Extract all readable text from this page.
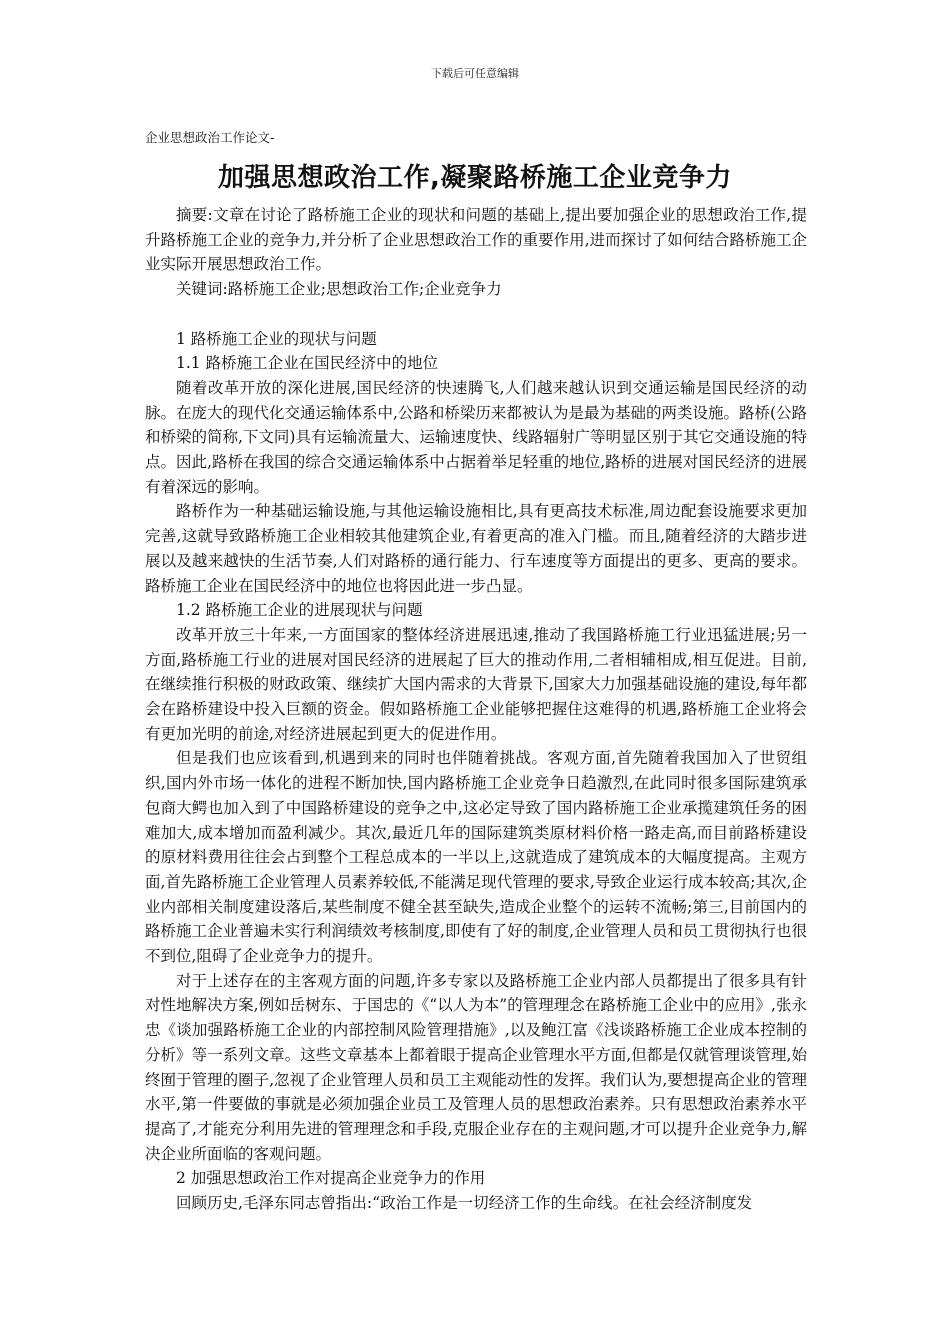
下载后可任意编辑
企业思想政治工作论文-
加强思想政治工作,凝聚路桥施工企业竞争力

摘要:文章在讨论了路桥施工企业的现状和问题的基础上,提出要加强企业的思想政治工作,提升路桥施工企业的竞争力,并分析了企业思想政治工作的重要作用,进而探讨了如何结合路桥施工企业实际开展思想政治工作。

关键词:路桥施工企业;思想政治工作;企业竞争力

1 路桥施工企业的现状与问题

1.1 路桥施工企业在国民经济中的地位

随着改革开放的深化进展,国民经济的快速腾飞,人们越来越认识到交通运输是国民经济的动脉。在庞大的现代化交通运输体系中,公路和桥梁历来都被认为是最为基础的两类设施。路桥(公路和桥梁的简称,下文同)具有运输流量大、运输速度快、线路辐射广等明显区别于其它交通设施的特点。因此,路桥在我国的综合交通运输体系中占据着举足轻重的地位,路桥的进展对国民经济的进展有着深远的影响。

路桥作为一种基础运输设施,与其他运输设施相比,具有更高技术标准,周边配套设施要求更加完善,这就导致路桥施工企业相较其他建筑企业,有着更高的准入门槛。而且,随着经济的大踏步进展以及越来越快的生活节奏,人们对路桥的通行能力、行车速度等方面提出的更多、更高的要求。路桥施工企业在国民经济中的地位也将因此进一步凸显。

1.2 路桥施工企业的进展现状与问题

改革开放三十年来,一方面国家的整体经济进展迅速,推动了我国路桥施工行业迅猛进展;另一方面,路桥施工行业的进展对国民经济的进展起了巨大的推动作用,二者相辅相成,相互促进。目前,在继续推行积极的财政政策、继续扩大国内需求的大背景下,国家大力加强基础设施的建设,每年都会在路桥建设中投入巨额的资金。假如路桥施工企业能够把握住这难得的机遇,路桥施工企业将会有更加光明的前途,对经济进展起到更大的促进作用。

但是我们也应该看到,机遇到来的同时也伴随着挑战。客观方面,首先随着我国加入了世贸组织,国内外市场一体化的进程不断加快,国内路桥施工企业竞争日趋激烈,在此同时很多国际建筑承包商大鳄也加入到了中国路桥建设的竞争之中,这必定导致了国内路桥施工企业承揽建筑任务的困难加大,成本增加而盈利减少。其次,最近几年的国际建筑类原材料价格一路走高,而目前路桥建设的原材料费用往往会占到整个工程总成本的一半以上,这就造成了建筑成本的大幅度提高。主观方面,首先路桥施工企业管理人员素养较低,不能满足现代管理的要求,导致企业运行成本较高;其次,企业内部相关制度建设落后,某些制度不健全甚至缺失,造成企业整个的运转不流畅;第三,目前国内的路桥施工企业普遍未实行利润绩效考核制度,即使有了好的制度,企业管理人员和员工贯彻执行也很不到位,阻碍了企业竞争力的提升。

对于上述存在的主客观方面的问题,许多专家以及路桥施工企业内部人员都提出了很多具有针对性地解决方案,例如岳树东、于国忠的《“以人为本”的管理理念在路桥施工企业中的应用》,张永忠《谈加强路桥施工企业的内部控制风险管理措施》,以及鲍江富《浅谈路桥施工企业成本控制的分析》等一系列文章。这些文章基本上都着眼于提高企业管理水平方面,但都是仅就管理谈管理,始终囿于管理的圈子,忽视了企业管理人员和员工主观能动性的发挥。我们认为,要想提高企业的管理水平,第一件要做的事就是必须加强企业员工及管理人员的思想政治素养。只有思想政治素养水平提高了,才能充分利用先进的管理理念和手段,克服企业存在的主观问题,才可以提升企业竞争力,解决企业所面临的客观问题。

2 加强思想政治工作对提高企业竞争力的作用

回顾历史,毛泽东同志曾指出:“政治工作是一切经济工作的生命线。在社会经济制度发
